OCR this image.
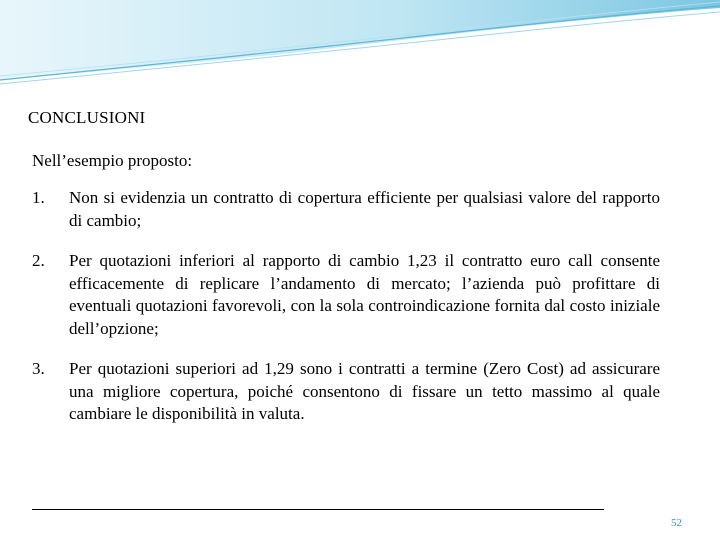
CONCLUSIONI
Nell’esempio proposto:
1. Non si evidenzia un contratto di copertura efficiente per qualsiasi valore del rapporto di cambio;
2. Per quotazioni inferiori al rapporto di cambio 1,23 il contratto euro call consente efficacemente di replicare l’andamento di mercato; l’azienda può profittare di eventuali quotazioni favorevoli, con la sola controindicazione fornita dal costo iniziale dell’opzione;
3. Per quotazioni superiori ad 1,29 sono i contratti a termine (Zero Cost) ad assicurare una migliore copertura, poiché consentono di fissare un tetto massimo al quale cambiare le disponibilità in valuta.
52
